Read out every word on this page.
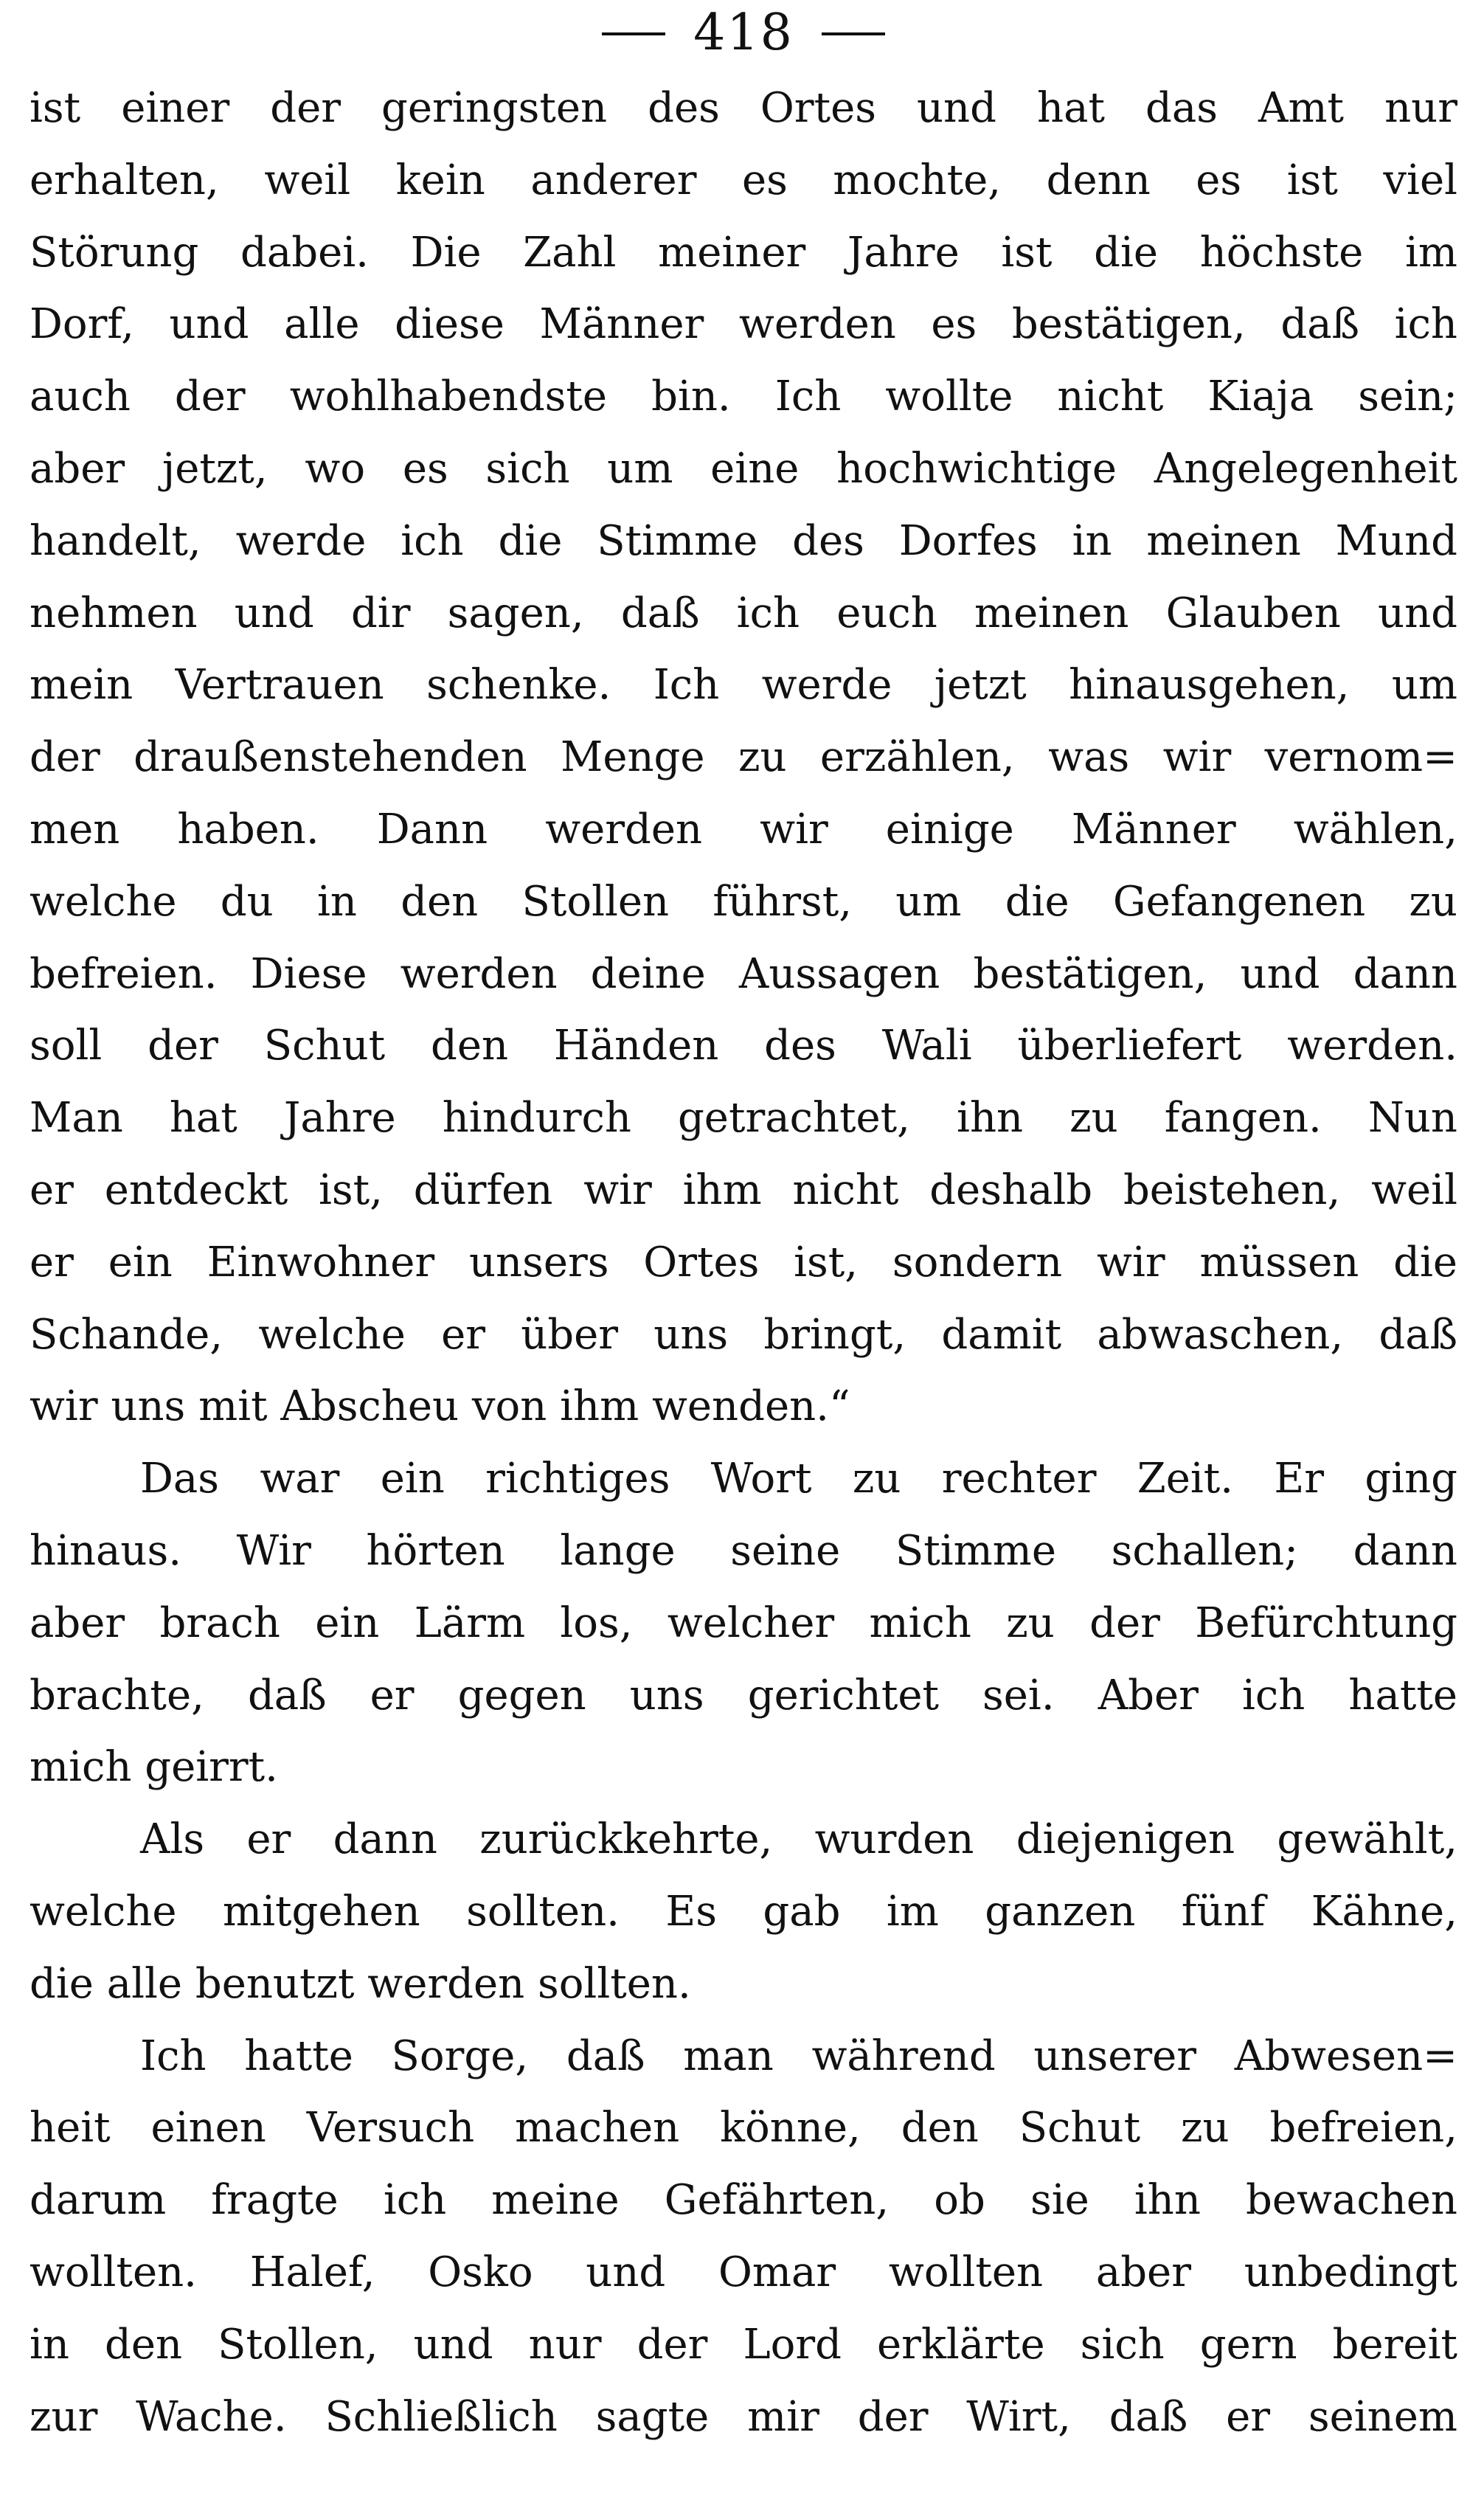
418
ist einer der geringsten des Ortes und hat das Amt nur
erhalten, weil kein anderer es mochte, denn es ist viel
Störung dabei. Die Zahl meiner Jahre ist die höchste im
Dorf, und alle diese Männer werden es bestätigen, daß ich
auch der wohlhabendste bin. Ich wollte nicht Kiaja sein;
aber jetzt, wo es sich um eine hochwichtige Angelegenheit
handelt, werde ich die Stimme des Dorfes in meinen Mund
nehmen und dir sagen, daß ich euch meinen Glauben und
mein Vertrauen schenke. Ich werde jetzt hinausgehen, um
der draußenstehenden Menge zu erzählen, was wir vernom=
men haben. Dann werden wir einige Männer wählen,
welche du in den Stollen führst, um die Gefangenen zu
befreien. Diese werden deine Aussagen bestätigen, und dann
soll der Schut den Händen des Wali überliefert werden.
Man hat Jahre hindurch getrachtet, ihn zu fangen. Nun
er entdeckt ist, dürfen wir ihm nicht deshalb beistehen, weil
er ein Einwohner unsers Ortes ist, sondern wir müssen die
Schande, welche er über uns bringt, damit abwaschen, daß
wir uns mit Abscheu von ihm wenden.“
Das war ein richtiges Wort zu rechter Zeit. Er ging
hinaus. Wir hörten lange seine Stimme schallen; dann
aber brach ein Lärm los, welcher mich zu der Befürchtung
brachte, daß er gegen uns gerichtet sei. Aber ich hatte
mich geirrt.
Als er dann zurückkehrte, wurden diejenigen gewählt,
welche mitgehen sollten. Es gab im ganzen fünf Kähne,
die alle benutzt werden sollten.
Ich hatte Sorge, daß man während unserer Abwesen=
heit einen Versuch machen könne, den Schut zu befreien,
darum fragte ich meine Gefährten, ob sie ihn bewachen
wollten. Halef, Osko und Omar wollten aber unbedingt
in den Stollen, und nur der Lord erklärte sich gern bereit
zur Wache. Schließlich sagte mir der Wirt, daß er seinem
